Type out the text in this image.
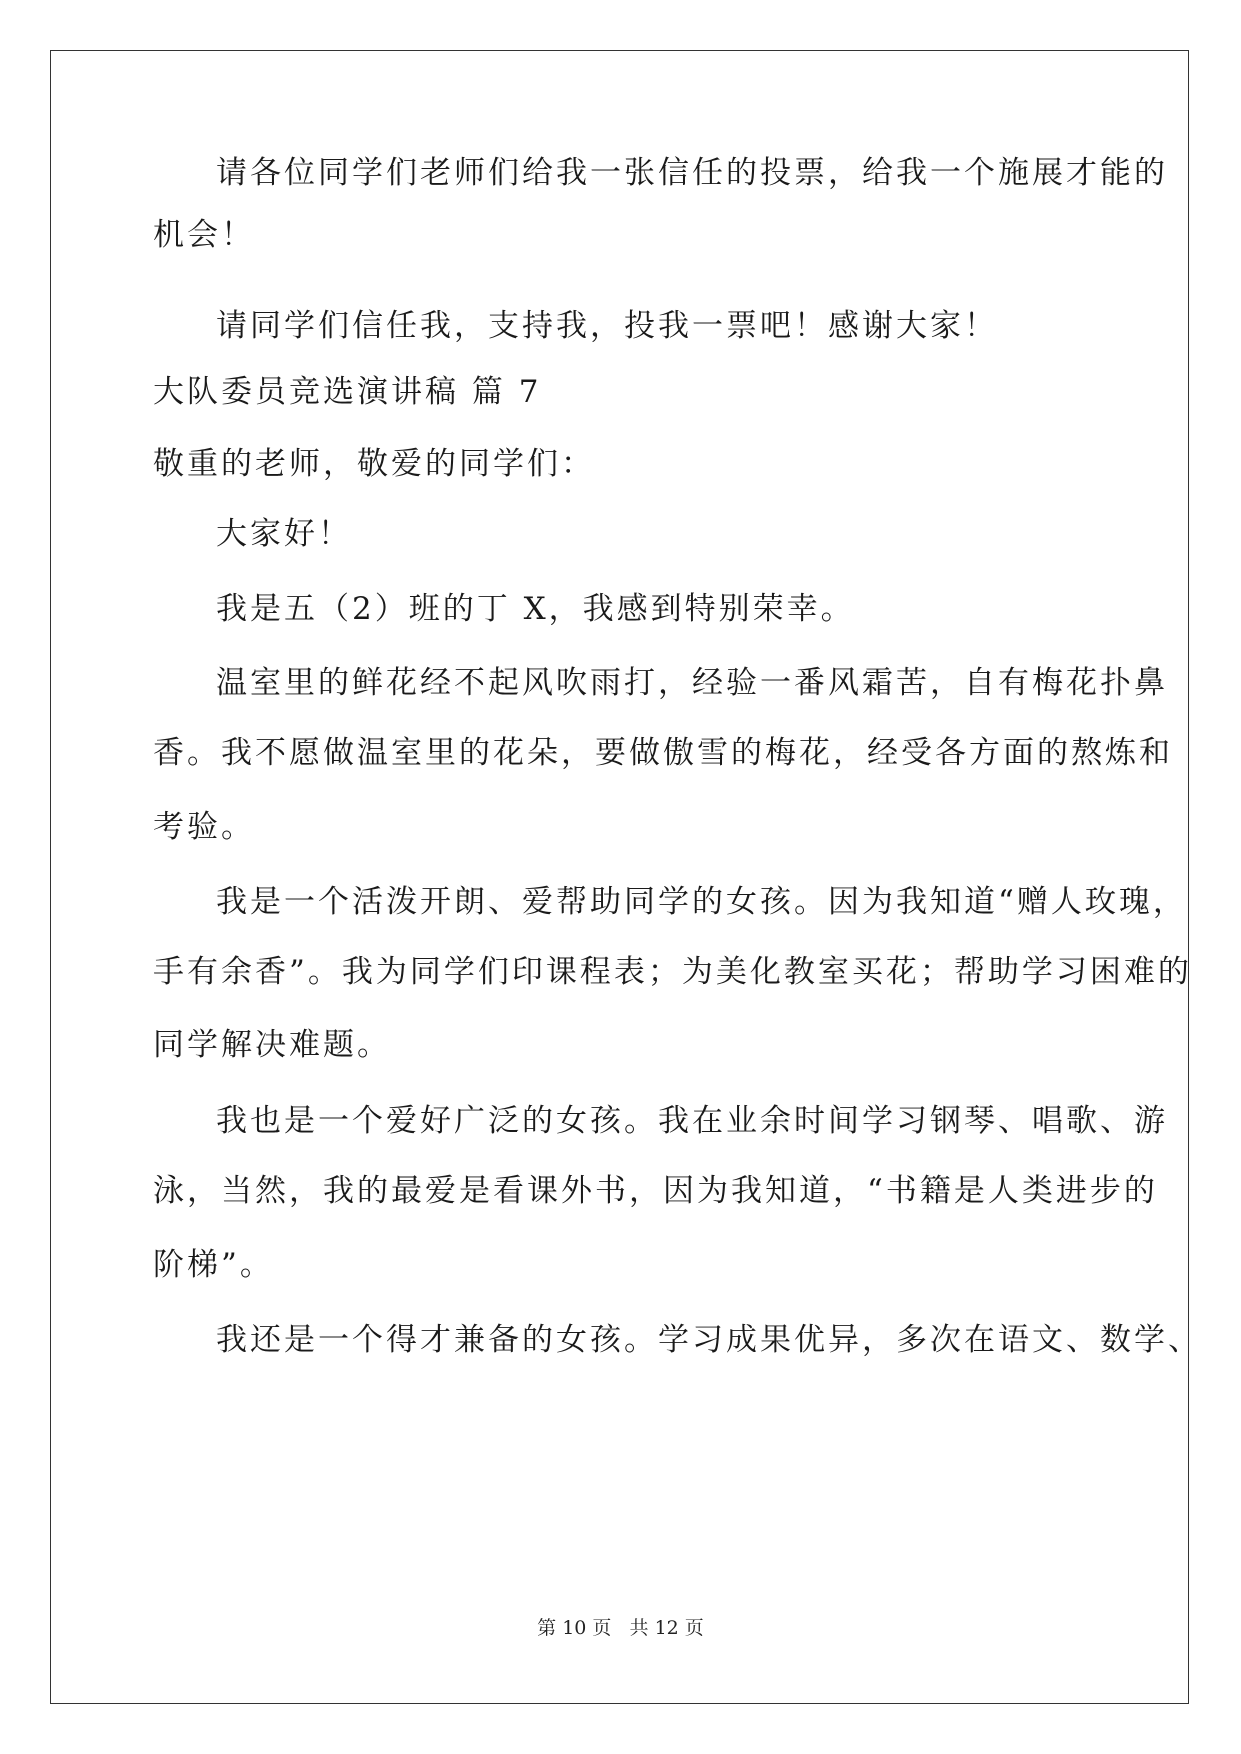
请各位同学们老师们给我一张信任的投票，给我一个施展才能的
机会！
请同学们信任我，支持我，投我一票吧！感谢大家！
大队委员竞选演讲稿 篇 7
敬重的老师，敬爱的同学们：
大家好！
我是五（2）班的丁 X，我感到特别荣幸。
温室里的鲜花经不起风吹雨打，经验一番风霜苦，自有梅花扑鼻
香。我不愿做温室里的花朵，要做傲雪的梅花，经受各方面的熬炼和
考验。
我是一个活泼开朗、爱帮助同学的女孩。因为我知道“赠人玫瑰，
手有余香”。我为同学们印课程表；为美化教室买花；帮助学习困难的
同学解决难题。
我也是一个爱好广泛的女孩。我在业余时间学习钢琴、唱歌、游
泳，当然，我的最爱是看课外书，因为我知道，“书籍是人类进步的
阶梯”。
我还是一个得才兼备的女孩。学习成果优异，多次在语文、数学、
第 10 页   共 12 页
